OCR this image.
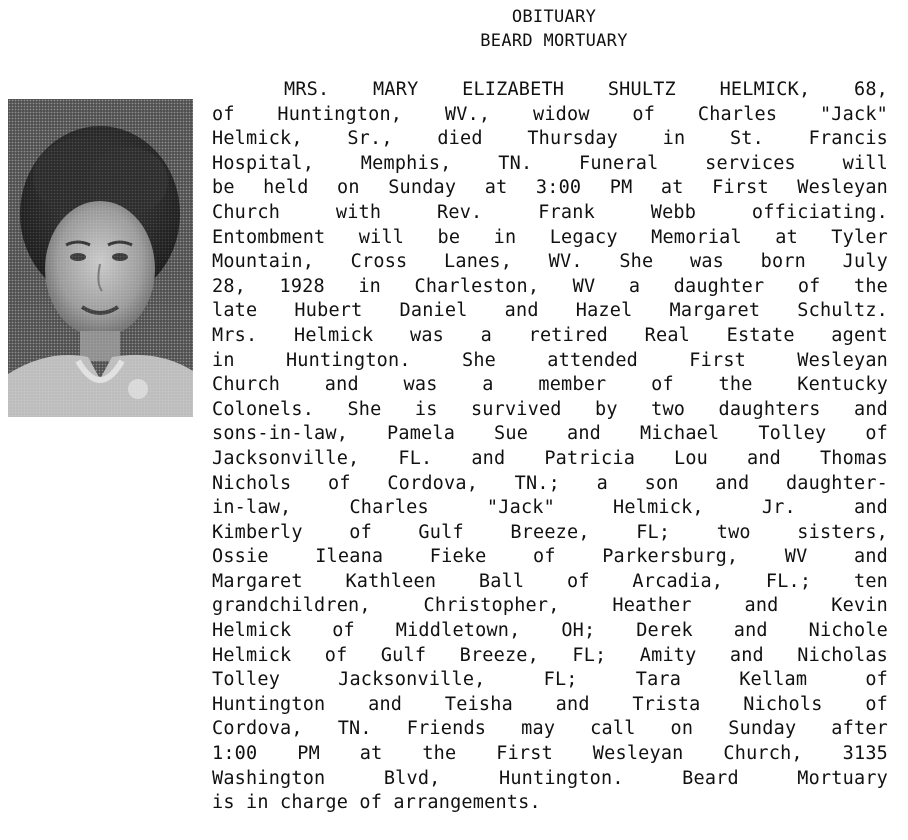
OBITUARY
BEARD MORTUARY
MRS. MARY ELIZABETH SHULTZ HELMICK, 68,
of Huntington, WV., widow of Charles "Jack"
Helmick, Sr., died Thursday in St. Francis
Hospital, Memphis, TN. Funeral services will
be held on Sunday at 3:00 PM at First Wesleyan
Church with Rev. Frank Webb officiating.
Entombment will be in Legacy Memorial at Tyler
Mountain, Cross Lanes, WV. She was born July
28, 1928 in Charleston, WV a daughter of the
late Hubert Daniel and Hazel Margaret Schultz.
Mrs. Helmick was a retired Real Estate agent
in Huntington. She attended First Wesleyan
Church and was a member of the Kentucky
Colonels. She is survived by two daughters and
sons-in-law, Pamela Sue and Michael Tolley of
Jacksonville, FL. and Patricia Lou and Thomas
Nichols of Cordova, TN.; a son and daughter-
in-law, Charles "Jack" Helmick, Jr. and
Kimberly of Gulf Breeze, FL; two sisters,
Ossie Ileana Fieke of Parkersburg, WV and
Margaret Kathleen Ball of Arcadia, FL.; ten
grandchildren, Christopher, Heather and Kevin
Helmick of Middletown, OH; Derek and Nichole
Helmick of Gulf Breeze, FL; Amity and Nicholas
Tolley Jacksonville, FL; Tara Kellam of
Huntington and Teisha and Trista Nichols of
Cordova, TN. Friends may call on Sunday after
1:00 PM at the First Wesleyan Church, 3135
Washington Blvd, Huntington. Beard Mortuary
is in charge of arrangements.
